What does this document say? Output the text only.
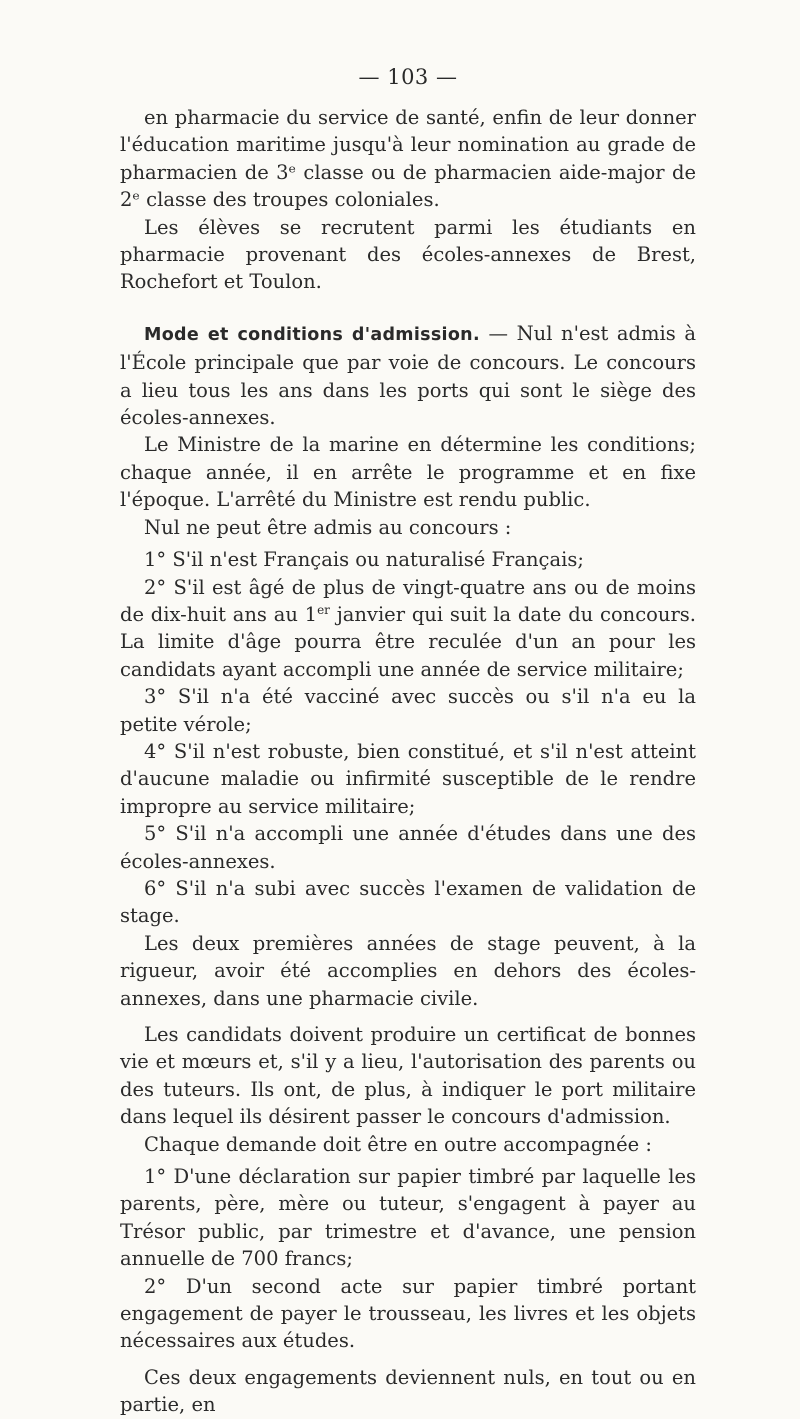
— 103 —

en pharmacie du service de santé, enfin de leur donner l'éducation maritime jusqu'à leur nomination au grade de pharmacien de 3ᵉ classe ou de pharmacien aide-major de 2ᵉ classe des troupes coloniales.

Les élèves se recrutent parmi les étudiants en pharmacie provenant des écoles-annexes de Brest, Rochefort et Toulon.

Mode et conditions d'admission. — Nul n'est admis à l'École principale que par voie de concours. Le concours a lieu tous les ans dans les ports qui sont le siège des écoles-annexes.

Le Ministre de la marine en détermine les conditions; chaque année, il en arrête le programme et en fixe l'époque. L'arrêté du Ministre est rendu public.

Nul ne peut être admis au concours :

1° S'il n'est Français ou naturalisé Français;

2° S'il est âgé de plus de vingt-quatre ans ou de moins de dix-huit ans au 1er janvier qui suit la date du concours. La limite d'âge pourra être reculée d'un an pour les candidats ayant accompli une année de service militaire;

3° S'il n'a été vacciné avec succès ou s'il n'a eu la petite vérole;

4° S'il n'est robuste, bien constitué, et s'il n'est atteint d'aucune maladie ou infirmité susceptible de le rendre impropre au service militaire;

5° S'il n'a accompli une année d'études dans une des écoles-annexes.

6° S'il n'a subi avec succès l'examen de validation de stage.

Les deux premières années de stage peuvent, à la rigueur, avoir été accomplies en dehors des écoles-annexes, dans une pharmacie civile.

Les candidats doivent produire un certificat de bonnes vie et mœurs et, s'il y a lieu, l'autorisation des parents ou des tuteurs. Ils ont, de plus, à indiquer le port militaire dans lequel ils désirent passer le concours d'admission.

Chaque demande doit être en outre accompagnée :

1° D'une déclaration sur papier timbré par laquelle les parents, père, mère ou tuteur, s'engagent à payer au Trésor public, par trimestre et d'avance, une pension annuelle de 700 francs;

2° D'un second acte sur papier timbré portant engagement de payer le trousseau, les livres et les objets nécessaires aux études.

Ces deux engagements deviennent nuls, en tout ou en partie, en
